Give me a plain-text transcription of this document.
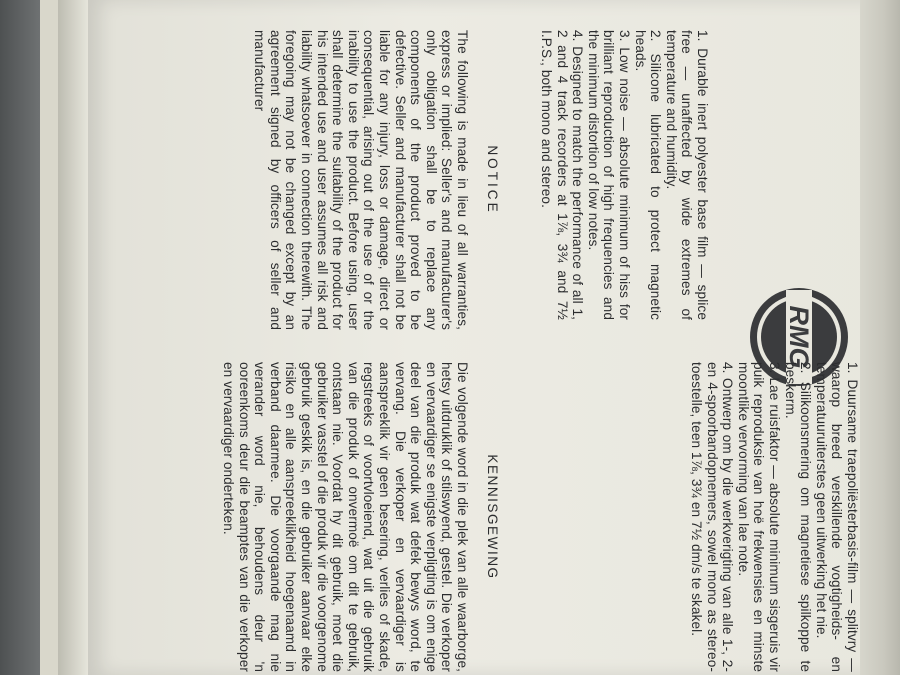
RMG

1. Durable inert polyester base film — splice free — unaffected by wide extremes of temperature and humidity.

2. Silicone lubricated to protect magnetic heads.

3. Low noise — absolute minimum of hiss for brilliant reproduction of high frequencies and the minimum distortion of low notes.

4. Designed to match the performance of all 1, 2 and 4 track recorders at 1⅞, 3¾ and 7½ I.P.S., both mono and stereo.

1. Duursame traepoliësterbasis-film — splitvry — waarop breed verskillende vogtigheids- en temperatuuruiterstes geen uitwerking het nie.

2. Silikoonsmering om magnetiese spilkoppe te beskerm.

3. Lae ruisfaktor — absolute minimum sisgeruis vir puik reproduksie van hoë frekwensies en minste moontlike vervorming van lae note.

4. Ontwerp om by die werkverigting van alle 1-, 2- en 4-spoorbandopnemers, sowel mono as stereo-toestelle, teen 1⅞, 3¾ en 7½ dm/s te skakel.

NOTICE
KENNISGEWING

The following is made in lieu of all warranties, express or implied: Seller's and manufacturer's only obligation shall be to replace any components of the product proved to be defective. Seller and manufacturer shall not be liable for any injury, loss or damage, direct or consequential, arising out of the use of or the inability to use the product. Before using, user shall determine the suitability of the product for his intended use and user assumes all risk and liability whatsoever in connection therewith. The foregoing may not be changed except by an agreement signed by officers of seller and manufacturer

Die volgende word in die plek van alle waarborge, hetsy uitdruklik of stilswyend, gestel. Die verkoper en vervaardiger se enigste verpligting is om enige deel van die produk wat defek bewys word, te vervang. Die verkoper en vervaardiger is aanspreeklik vir geen besering, verlies of skade, regstreeks of voortvloeiend, wat uit die gebruik van die produk of onvermoë om dit te gebruik, ontstaan nie. Voordat hy dit gebruik, moet die gebruiker vasstel of die produk vir die voorgenome gebruik geskik is, en die gebruiker aanvaar elke risiko en alle aanspreeklikheid hoegenaamd in verband daarmee. Die voorgaande mag nie verander word nie, behoudens deur 'n ooreenkoms deur die beamptes van die verkoper en vervaardiger onderteken.
